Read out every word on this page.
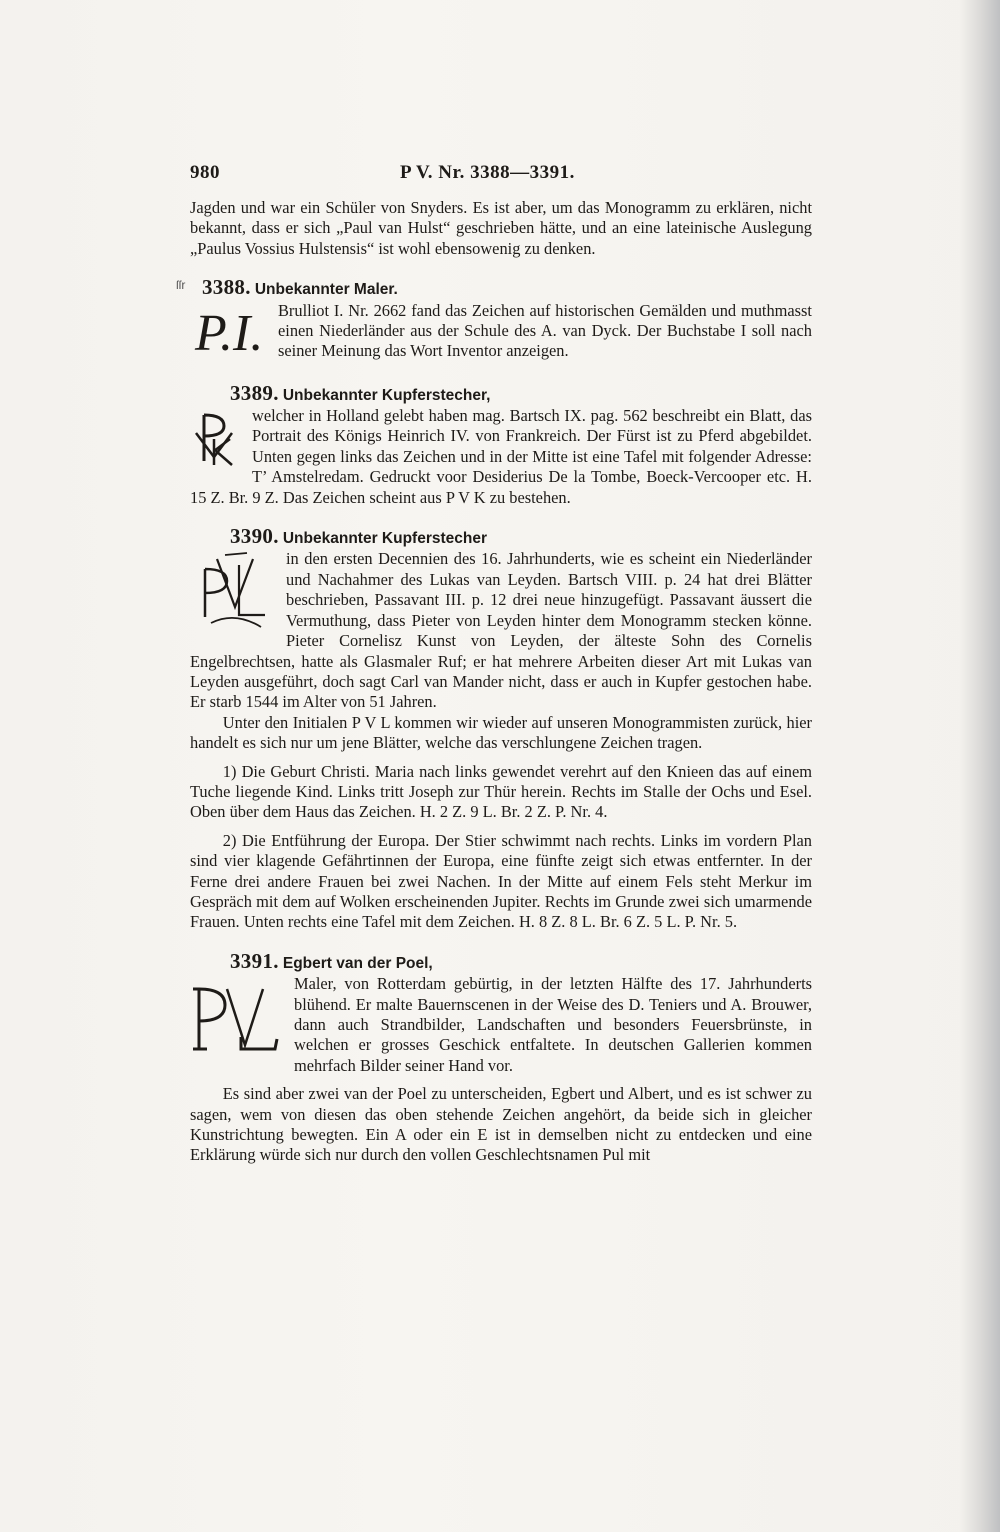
980	P V. Nr. 3388—3391.

Jagden und war ein Schüler von Snyders. Es ist aber, um das Monogramm zu erklären, nicht bekannt, dass er sich „Paul van Hulst“ geschrieben hätte, und an eine lateinische Auslegung „Paulus Vossius Hulstensis“ ist wohl ebensowenig zu denken.

ſſr 3388. Unbekannter Maler.
P.I. Brulliot I. Nr. 2662 fand das Zeichen auf historischen Gemälden und muthmasst einen Niederländer aus der Schule des A. van Dyck. Der Buchstabe I soll nach seiner Meinung das Wort Inventor anzeigen.

3389. Unbekannter Kupferstecher,

welcher in Holland gelebt haben mag. Bartsch IX. pag. 562 beschreibt ein Blatt, das Portrait des Königs Heinrich IV. von Frankreich. Der Fürst ist zu Pferd abgebildet. Unten gegen links das Zeichen und in der Mitte ist eine Tafel mit folgender Adresse: T’ Amstelredam. Gedruckt voor Desiderius De la Tombe, Boeck-Vercooper etc. H. 15 Z. Br. 9 Z. Das Zeichen scheint aus P V K zu bestehen.

3390. Unbekannter Kupferstecher

in den ersten Decennien des 16. Jahrhunderts, wie es scheint ein Niederländer und Nachahmer des Lukas van Leyden. Bartsch VIII. p. 24 hat drei Blätter beschrieben, Passavant III. p. 12 drei neue hinzugefügt. Passavant äussert die Vermuthung, dass Pieter von Leyden hinter dem Monogramm stecken könne. Pieter Cornelisz Kunst von Leyden, der älteste Sohn des Cornelis Engelbrechtsen, hatte als Glasmaler Ruf; er hat mehrere Arbeiten dieser Art mit Lukas van Leyden ausgeführt, doch sagt Carl van Mander nicht, dass er auch in Kupfer gestochen habe. Er starb 1544 im Alter von 51 Jahren.

Unter den Initialen P V L kommen wir wieder auf unseren Monogrammisten zurück, hier handelt es sich nur um jene Blätter, welche das verschlungene Zeichen tragen.

1) Die Geburt Christi. Maria nach links gewendet verehrt auf den Knieen das auf einem Tuche liegende Kind. Links tritt Joseph zur Thür herein. Rechts im Stalle der Ochs und Esel. Oben über dem Haus das Zeichen. H. 2 Z. 9 L. Br. 2 Z. P. Nr. 4.

2) Die Entführung der Europa. Der Stier schwimmt nach rechts. Links im vordern Plan sind vier klagende Gefährtinnen der Europa, eine fünfte zeigt sich etwas entfernter. In der Ferne drei andere Frauen bei zwei Nachen. In der Mitte auf einem Fels steht Merkur im Gespräch mit dem auf Wolken erscheinenden Jupiter. Rechts im Grunde zwei sich umarmende Frauen. Unten rechts eine Tafel mit dem Zeichen. H. 8 Z. 8 L. Br. 6 Z. 5 L. P. Nr. 5.

3391. Egbert van der Poel,

Maler, von Rotterdam gebürtig, in der letzten Hälfte des 17. Jahrhunderts blühend. Er malte Bauernscenen in der Weise des D. Teniers und A. Brouwer, dann auch Strandbilder, Landschaften und besonders Feuersbrünste, in welchen er grosses Geschick entfaltete. In deutschen Gallerien kommen mehrfach Bilder seiner Hand vor.

Es sind aber zwei van der Poel zu unterscheiden, Egbert und Albert, und es ist schwer zu sagen, wem von diesen das oben stehende Zeichen angehört, da beide sich in gleicher Kunstrichtung bewegten. Ein A oder ein E ist in demselben nicht zu entdecken und eine Erklärung würde sich nur durch den vollen Geschlechtsnamen Pul mit
